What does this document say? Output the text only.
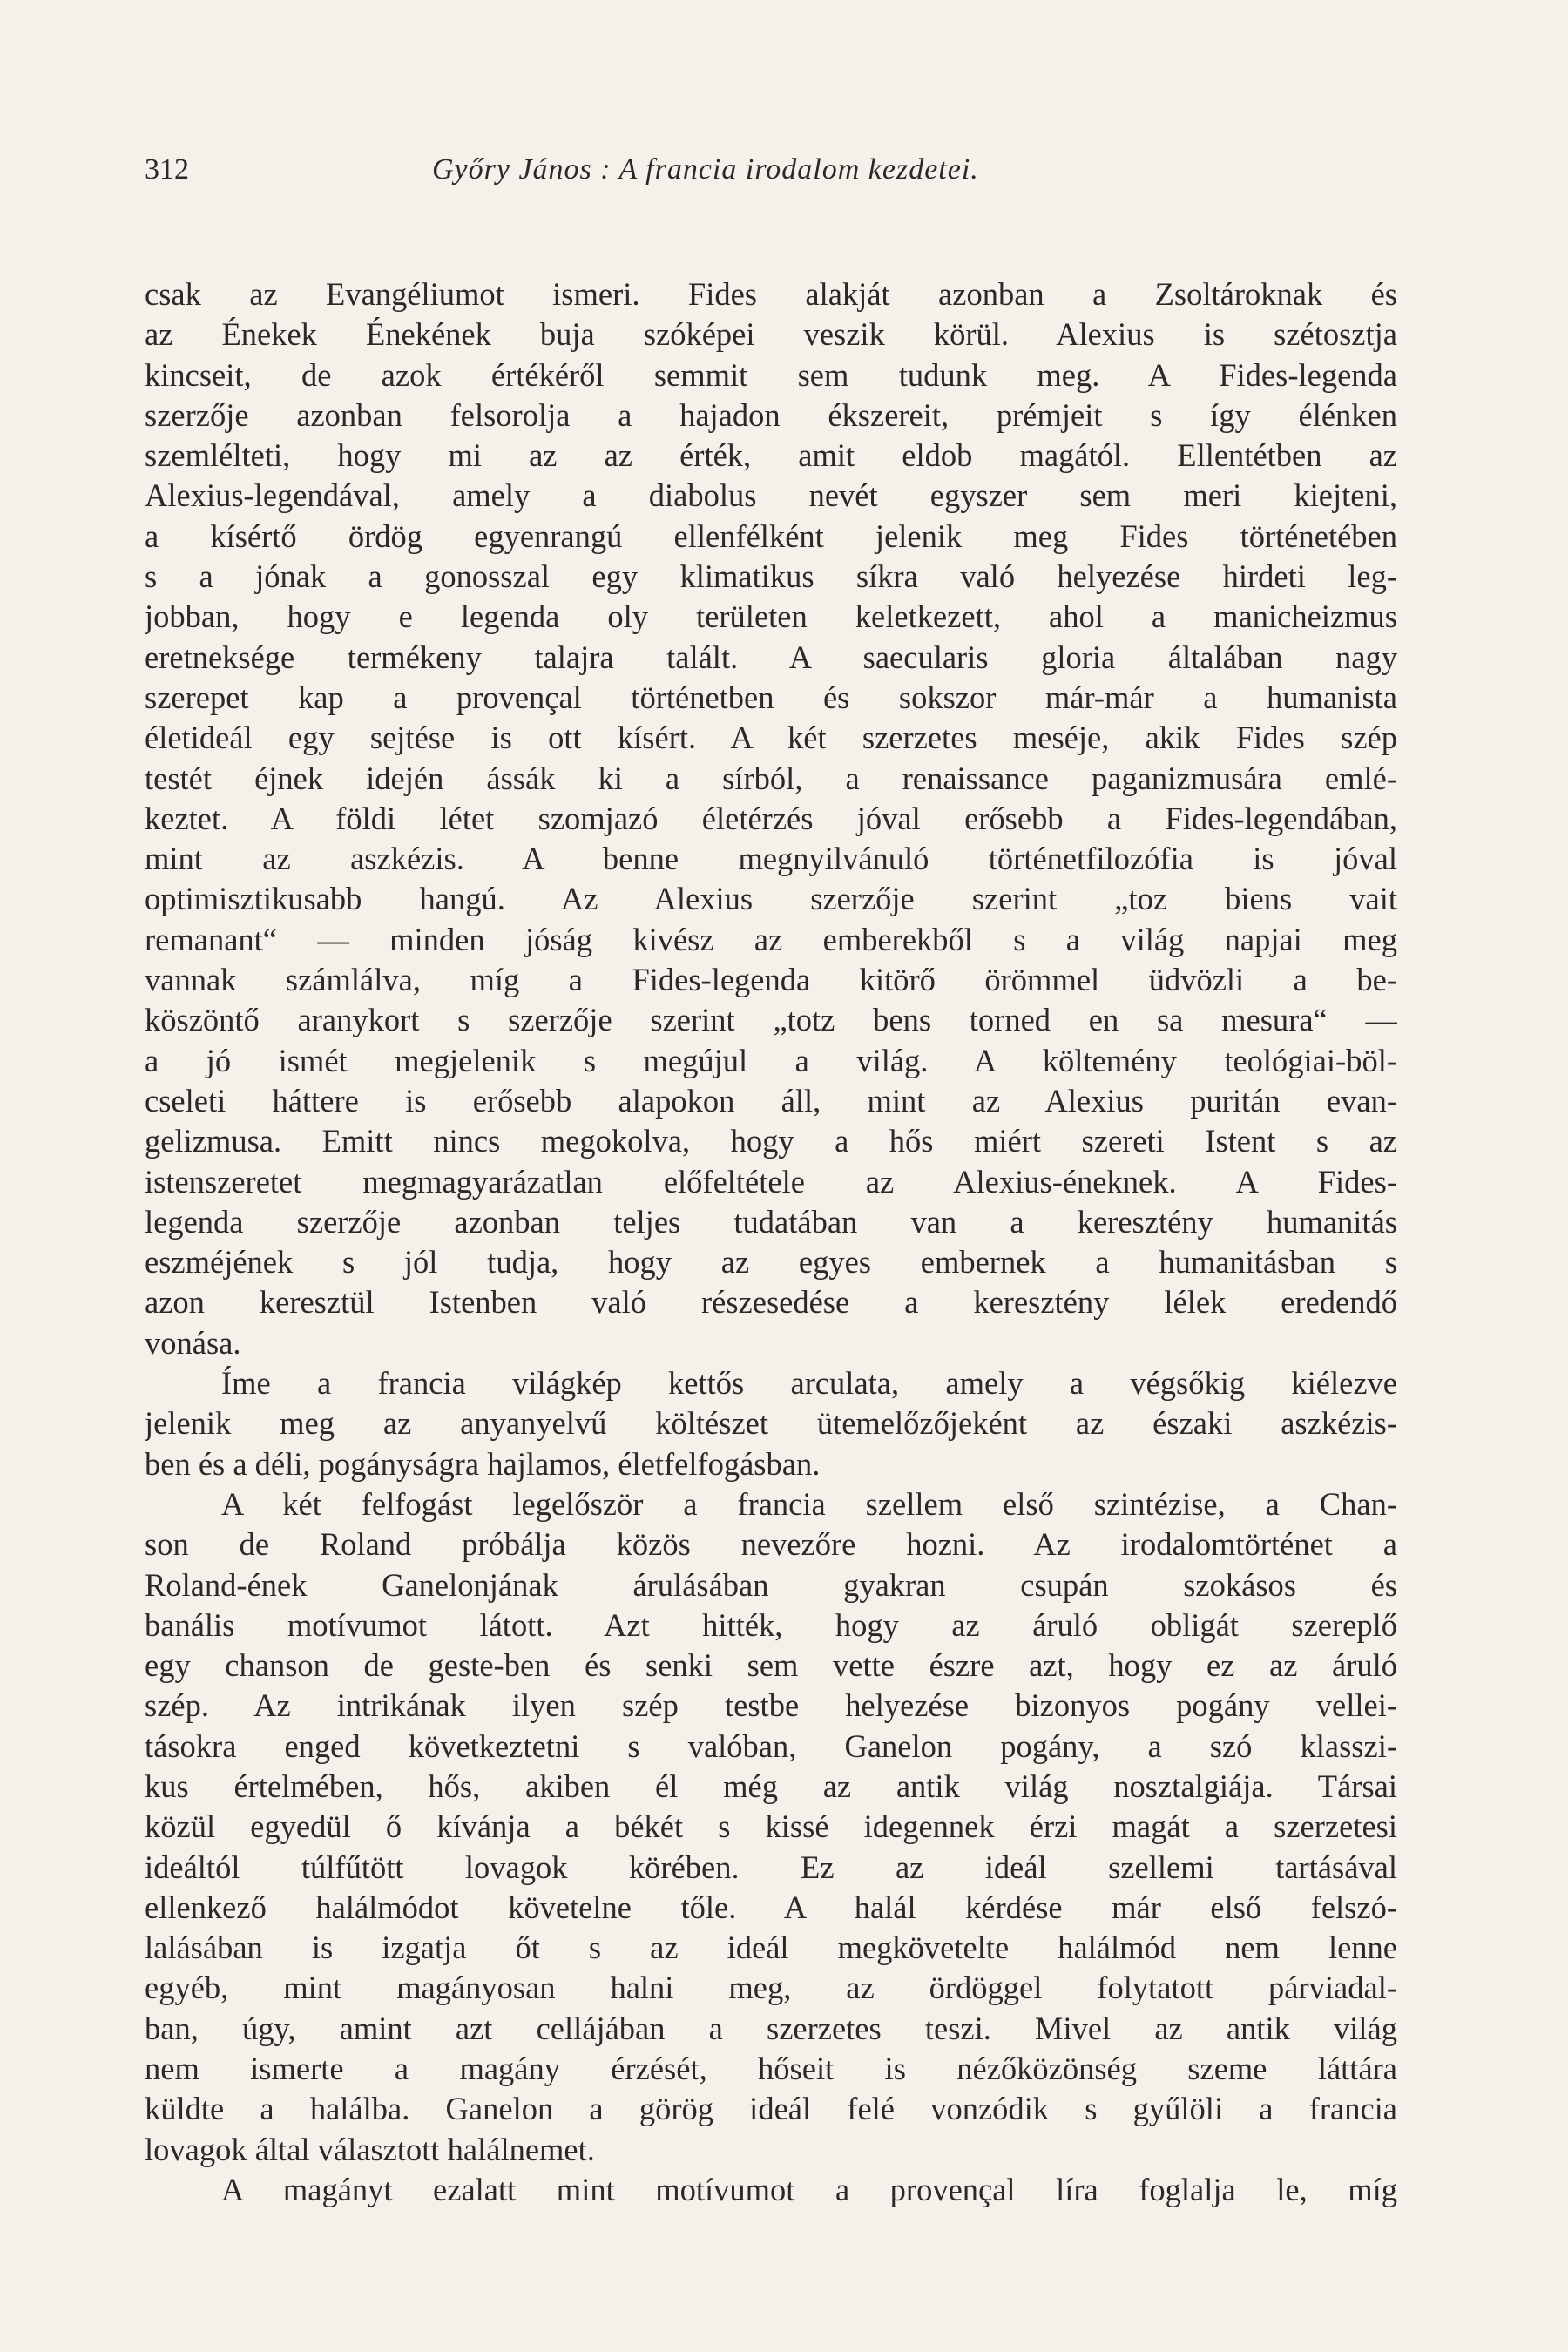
312	Győry János : A francia irodalom kezdetei.
csak az Evangéliumot ismeri. Fides alakját azonban a Zsoltároknak és
az Énekek Énekének buja szóképei veszik körül. Alexius is szétosztja
kincseit, de azok értékéről semmit sem tudunk meg. A Fides-legenda
szerzője azonban felsorolja a hajadon ékszereit, prémjeit s így élénken
szemlélteti, hogy mi az az érték, amit eldob magától. Ellentétben az
Alexius-legendával, amely a diabolus nevét egyszer sem meri kiejteni,
a kísértő ördög egyenrangú ellenfélként jelenik meg Fides történetében
s a jónak a gonosszal egy klimatikus síkra való helyezése hirdeti leg-
jobban, hogy e legenda oly területen keletkezett, ahol a manicheizmus
eretneksége termékeny talajra talált. A saecularis gloria általában nagy
szerepet kap a provençal történetben és sokszor már-már a humanista
életideál egy sejtése is ott kísért. A két szerzetes meséje, akik Fides szép
testét éjnek idején ássák ki a sírból, a renaissance paganizmusára emlé-
keztet. A földi létet szomjazó életérzés jóval erősebb a Fides-legendában,
mint az aszkézis. A benne megnyilvánuló történetfilozófia is jóval
optimisztikusabb hangú. Az Alexius szerzője szerint „toz biens vait
remanant“ — minden jóság kivész az emberekből s a világ napjai meg
vannak számlálva, míg a Fides-legenda kitörő örömmel üdvözli a be-
köszöntő aranykort s szerzője szerint „totz bens torned en sa mesura“ —
a jó ismét megjelenik s megújul a világ. A költemény teológiai-böl-
cseleti háttere is erősebb alapokon áll, mint az Alexius puritán evan-
gelizmusa. Emitt nincs megokolva, hogy a hős miért szereti Istent s az
istenszeretet megmagyarázatlan előfeltétele az Alexius-éneknek. A Fides-
legenda szerzője azonban teljes tudatában van a keresztény humanitás
eszméjének s jól tudja, hogy az egyes embernek a humanitásban s
azon keresztül Istenben való részesedése a keresztény lélek eredendő
vonása.
Íme a francia világkép kettős arculata, amely a végsőkig kiélezve
jelenik meg az anyanyelvű költészet ütemelőzőjeként az északi aszkézis-
ben és a déli, pogányságra hajlamos, életfelfogásban.
A két felfogást legelőször a francia szellem első szintézise, a Chan-
son de Roland próbálja közös nevezőre hozni. Az irodalomtörténet a
Roland-ének Ganelonjának árulásában gyakran csupán szokásos és
banális motívumot látott. Azt hitték, hogy az áruló obligát szereplő
egy chanson de geste-ben és senki sem vette észre azt, hogy ez az áruló
szép. Az intrikának ilyen szép testbe helyezése bizonyos pogány vellei-
tásokra enged következtetni s valóban, Ganelon pogány, a szó klasszi-
kus értelmében, hős, akiben él még az antik világ nosztalgiája. Társai
közül egyedül ő kívánja a békét s kissé idegennek érzi magát a szerzetesi
ideáltól túlfűtött lovagok körében. Ez az ideál szellemi tartásával
ellenkező halálmódot követelne tőle. A halál kérdése már első felszó-
lalásában is izgatja őt s az ideál megkövetelte halálmód nem lenne
egyéb, mint magányosan halni meg, az ördöggel folytatott párviadal-
ban, úgy, amint azt cellájában a szerzetes teszi. Mivel az antik világ
nem ismerte a magány érzését, hőseit is nézőközönség szeme láttára
küldte a halálba. Ganelon a görög ideál felé vonzódik s gyűlöli a francia
lovagok által választott halálnemet.
A magányt ezalatt mint motívumot a provençal líra foglalja le, míg
